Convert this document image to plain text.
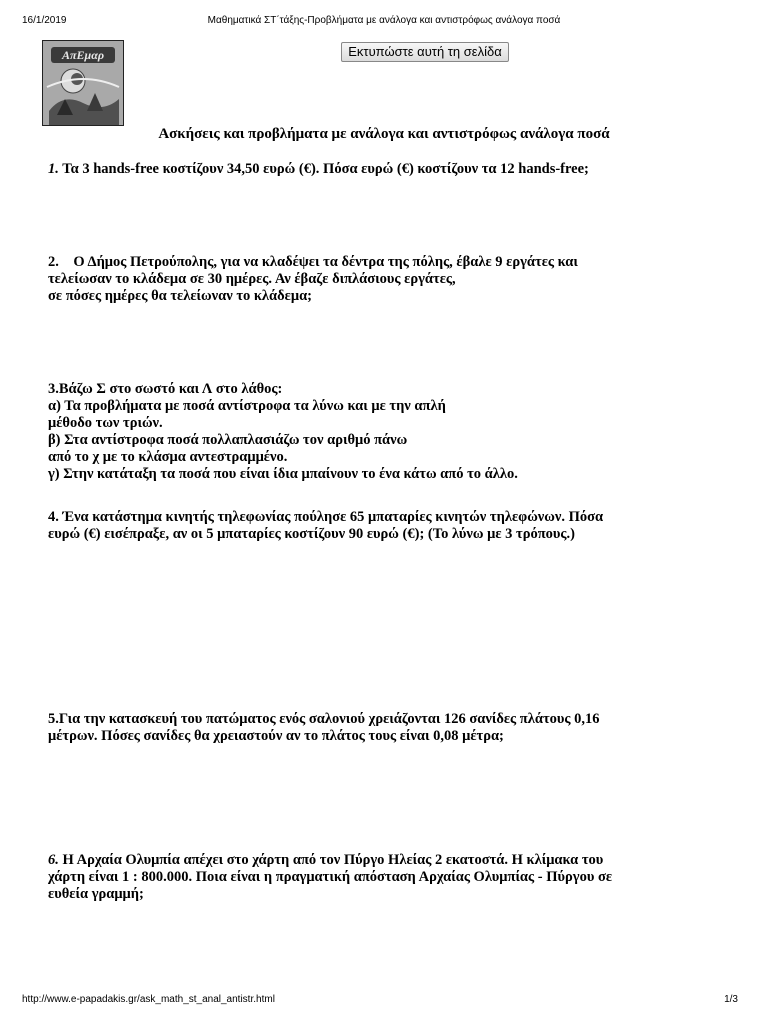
16/1/2019	Μαθηματικά ΣΤ΄τάξης-Προβλήματα με ανάλογα και αντιστρόφως ανάλογα ποσά
ΑπΕμαρ	Εκτυπώστε αυτή τη σελίδα
Ασκήσεις και προβλήματα με ανάλογα και αντιστρόφως ανάλογα ποσά
1. Τα 3 hands-free κοστίζουν 34,50 ευρώ (€). Πόσα ευρώ (€) κοστίζουν τα 12 hands-free;
2. Ο Δήμος Πετρούπολης, για να κλαδέψει τα δέντρα της πόλης, έβαλε 9 εργάτες και
τελείωσαν το κλάδεμα σε 30 ημέρες. Αν έβαζε διπλάσιους εργάτες,
σε πόσες ημέρες θα τελείωναν το κλάδεμα;
3.Βάζω Σ στο σωστό και Λ στο λάθος:
α) Τα προβλήματα με ποσά αντίστροφα τα λύνω και με την απλή
μέθοδο των τριών.
β) Στα αντίστροφα ποσά πολλαπλασιάζω τον αριθμό πάνω
από το χ με το κλάσμα αντεστραμμένο.
γ) Στην κατάταξη τα ποσά που είναι ίδια μπαίνουν το ένα κάτω από το άλλο.
4. Ένα κατάστημα κινητής τηλεφωνίας πούλησε 65 μπαταρίες κινητών τηλεφώνων. Πόσα
ευρώ (€) εισέπραξε, αν οι 5 μπαταρίες κοστίζουν 90 ευρώ (€); (Το λύνω με 3 τρόπους.)
5.Για την κατασκευή του πατώματος ενός σαλονιού χρειάζονται 126 σανίδες πλάτους 0,16
μέτρων. Πόσες σανίδες θα χρειαστούν αν το πλάτος τους είναι 0,08 μέτρα;
6. Η Αρχαία Ολυμπία απέχει στο χάρτη από τον Πύργο Ηλείας 2 εκατοστά. Η κλίμακα του
χάρτη είναι 1 : 800.000. Ποια είναι η πραγματική απόσταση Αρχαίας Ολυμπίας - Πύργου σε
ευθεία γραμμή;
http://www.e-papadakis.gr/ask_math_st_anal_antistr.html	1/3
